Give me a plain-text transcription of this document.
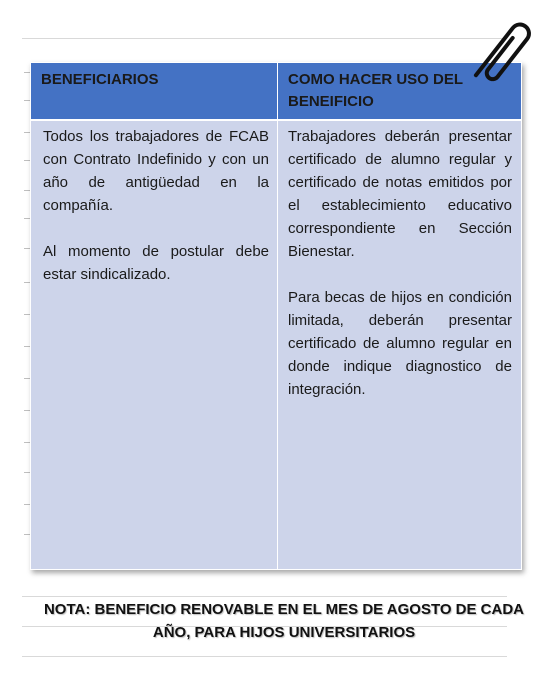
BENEFICIARIOS	COMO HACER USO DEL BENEIFICIO

Todos los trabajadores de FCAB con Contrato Indefinido y con un año de antigüedad en la compañía.

Al momento de postular debe estar sindicalizado.

Trabajadores deberán presentar certificado de alumno regular y certificado de notas emitidos por el establecimiento educativo correspondiente en Sección Bienestar.

Para becas de hijos en condición limitada, deberán presentar certificado de alumno regular en donde indique diagnostico de integración.

NOTA: BENEFICIO RENOVABLE EN EL MES DE AGOSTO DE CADA AÑO, PARA HIJOS UNIVERSITARIOS
